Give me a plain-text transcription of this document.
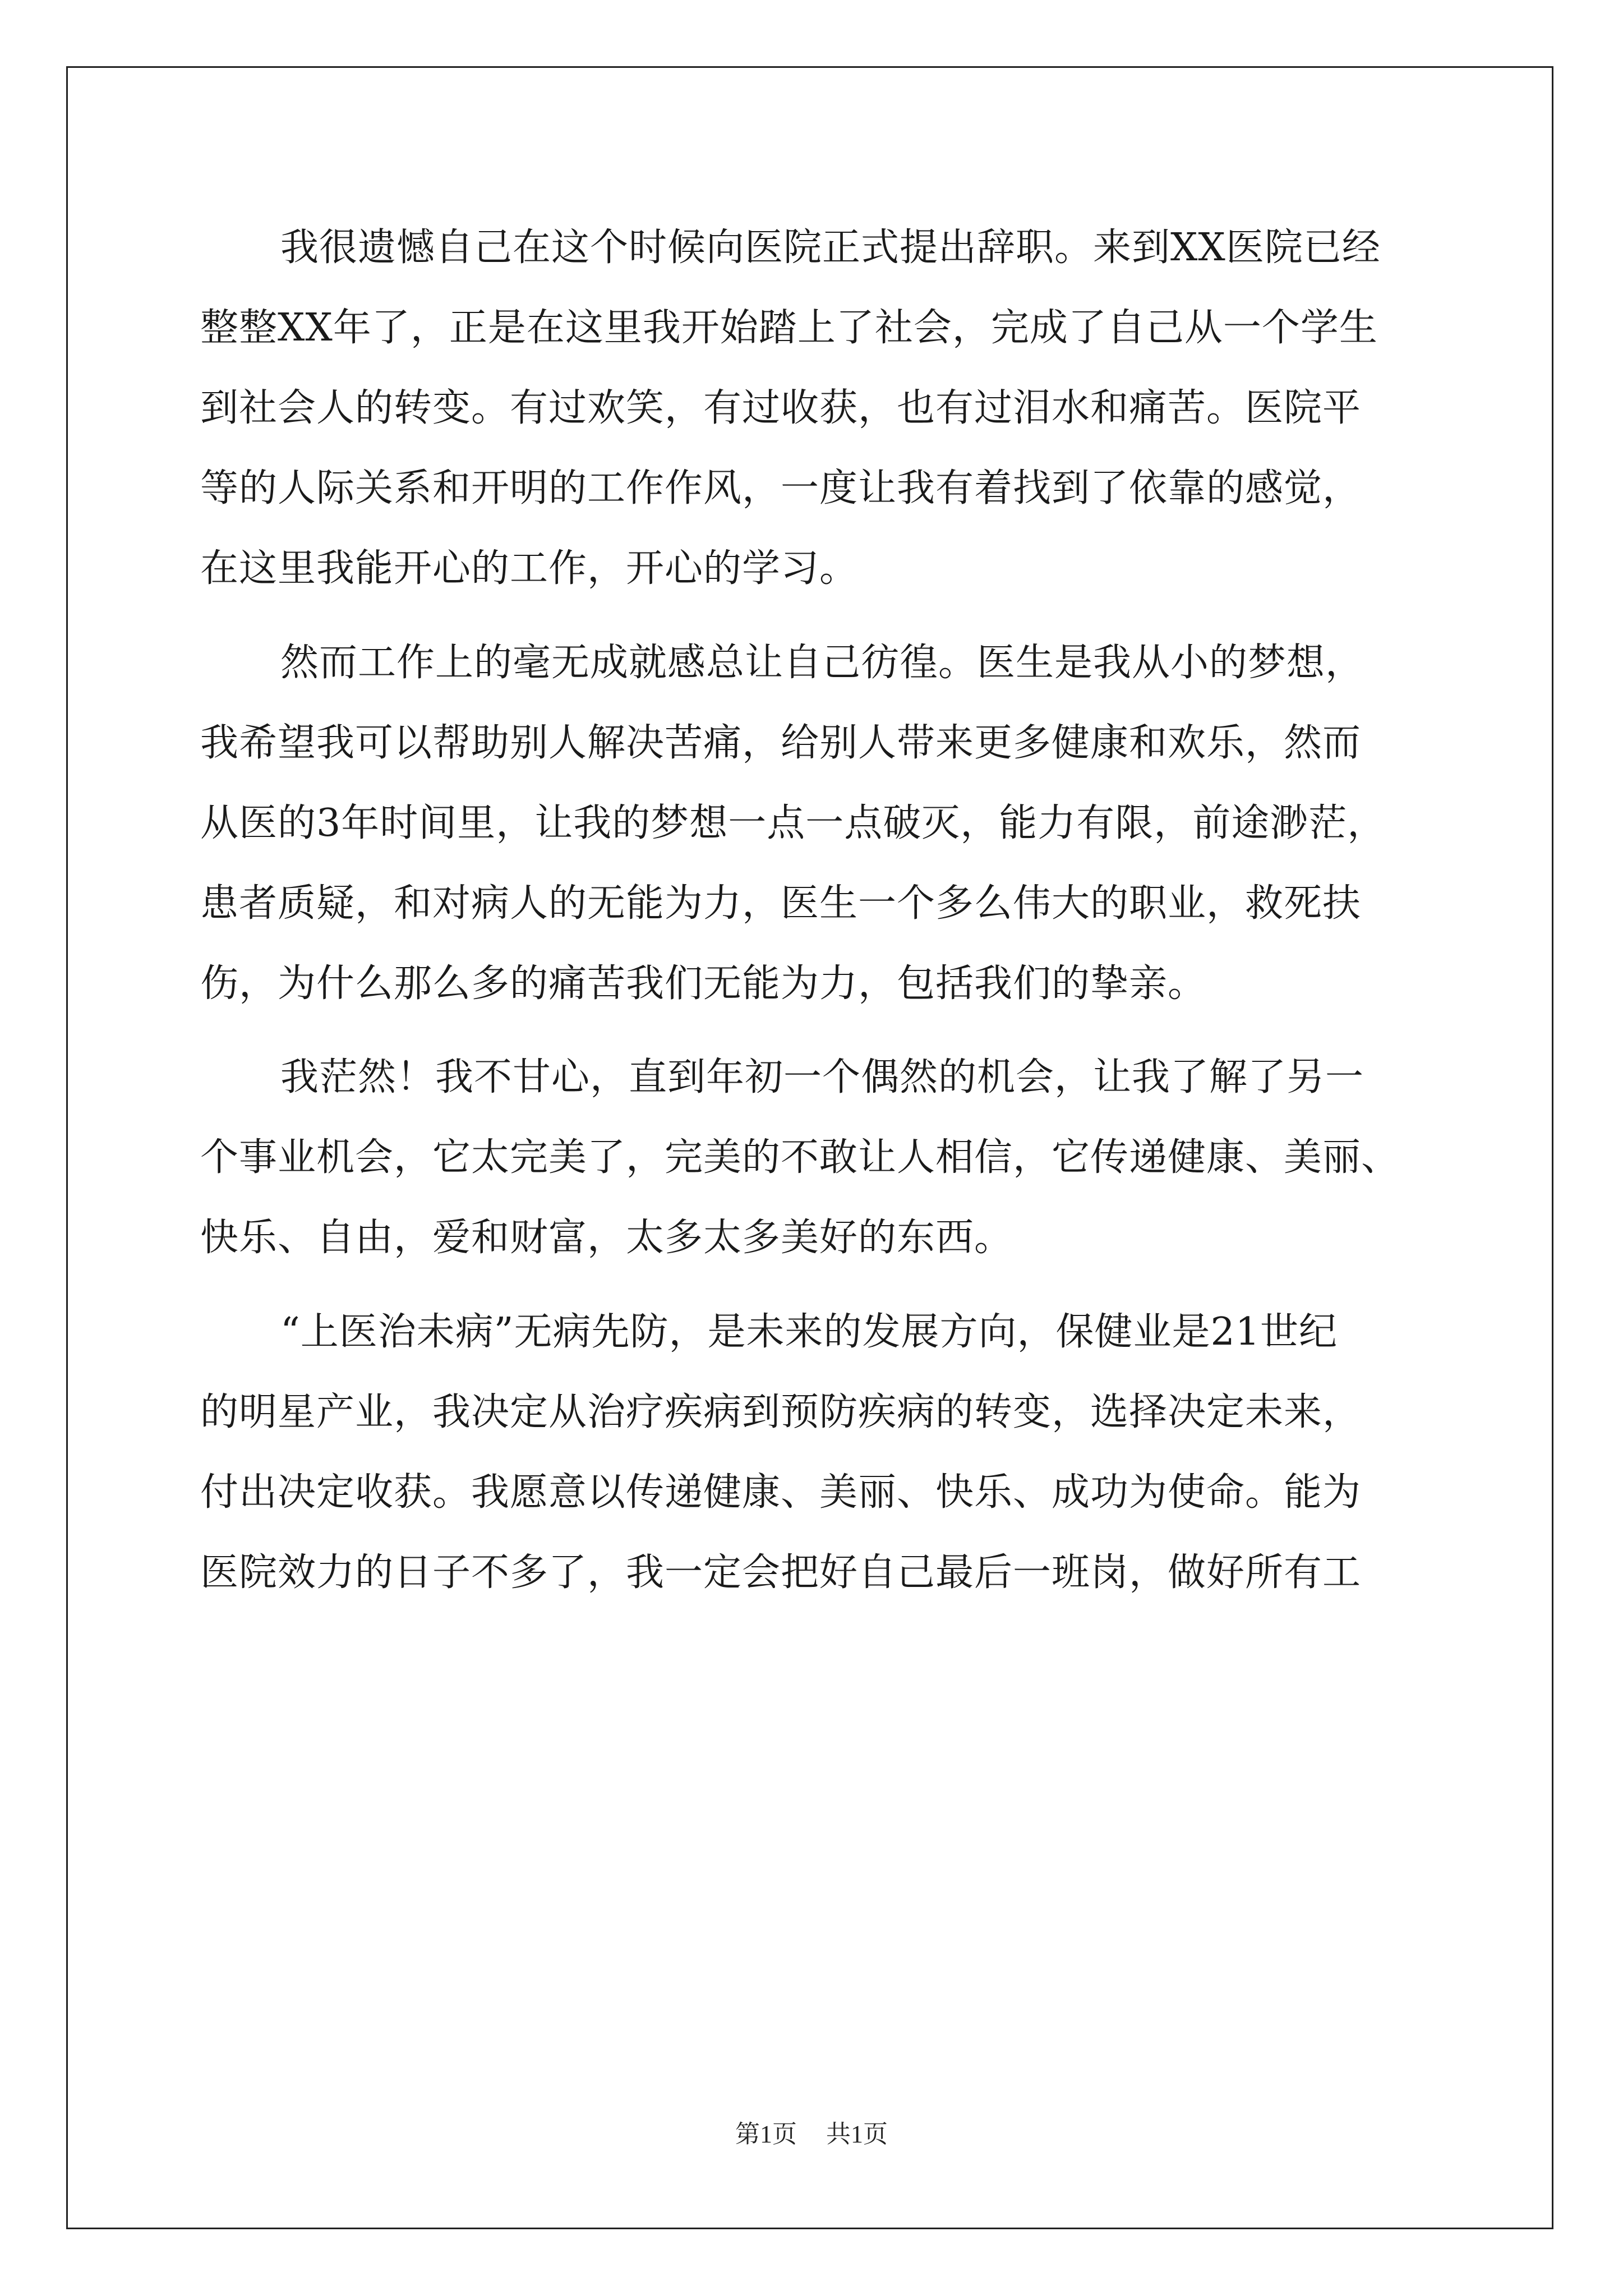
我很遗憾自己在这个时候向医院正式提出辞职。来到XX医院已经
整整XX年了，正是在这里我开始踏上了社会，完成了自己从一个学生
到社会人的转变。有过欢笑，有过收获，也有过泪水和痛苦。医院平
等的人际关系和开明的工作作风，一度让我有着找到了依靠的感觉，
在这里我能开心的工作，开心的学习。
然而工作上的毫无成就感总让自己彷徨。医生是我从小的梦想，
我希望我可以帮助别人解决苦痛，给别人带来更多健康和欢乐，然而
从医的3年时间里，让我的梦想一点一点破灭，能力有限，前途渺茫，
患者质疑，和对病人的无能为力，医生一个多么伟大的职业，救死扶
伤，为什么那么多的痛苦我们无能为力，包括我们的挚亲。
我茫然！我不甘心，直到年初一个偶然的机会，让我了解了另一
个事业机会，它太完美了，完美的不敢让人相信，它传递健康、美丽、
快乐、自由，爱和财富，太多太多美好的东西。
“上医治未病”无病先防，是未来的发展方向，保健业是21世纪
的明星产业，我决定从治疗疾病到预防疾病的转变，选择决定未来，
付出决定收获。我愿意以传递健康、美丽、快乐、成功为使命。能为
医院效力的日子不多了，我一定会把好自己最后一班岗，做好所有工
第1页 共1页
